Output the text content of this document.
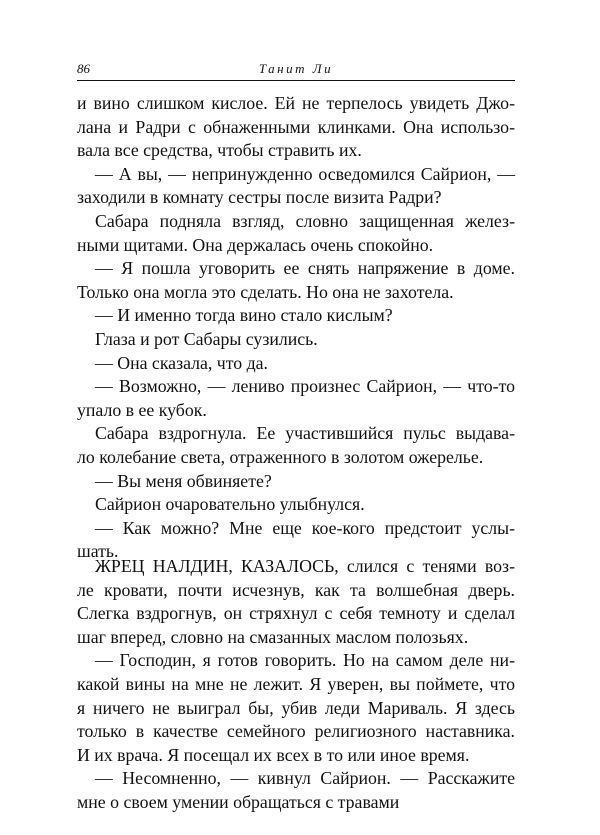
86	Танит Ли
и вино слишком кислое. Ей не терпелось увидеть Джо-
лана и Радри с обнаженными клинками. Она использо-
вала все средства, чтобы стравить их.
— А вы, — непринужденно осведомился Сайрион, —
заходили в комнату сестры после визита Радри?
Сабара подняла взгляд, словно защищенная желез-
ными щитами. Она держалась очень спокойно.
— Я пошла уговорить ее снять напряжение в доме.
Только она могла это сделать. Но она не захотела.
— И именно тогда вино стало кислым?
Глаза и рот Сабары сузились.
— Она сказала, что да.
— Возможно, — лениво произнес Сайрион, — что-то
упало в ее кубок.
Сабара вздрогнула. Ее участившийся пульс выдава-
ло колебание света, отраженного в золотом ожерелье.
— Вы меня обвиняете?
Сайрион очаровательно улыбнулся.
— Как можно? Мне еще кое-кого предстоит услы-
шать.
ЖРЕЦ НАЛДИН, КАЗАЛОСЬ, слился с тенями воз-
ле кровати, почти исчезнув, как та волшебная дверь.
Слегка вздрогнув, он стряхнул с себя темноту и сделал
шаг вперед, словно на смазанных маслом полозьях.
— Господин, я готов говорить. Но на самом деле ни-
какой вины на мне не лежит. Я уверен, вы поймете, что
я ничего не выиграл бы, убив леди Мариваль. Я здесь
только в качестве семейного религиозного наставника.
И их врача. Я посещал их всех в то или иное время.
— Несомненно, — кивнул Сайрион. — Расскажите
мне о своем умении обращаться с травами
